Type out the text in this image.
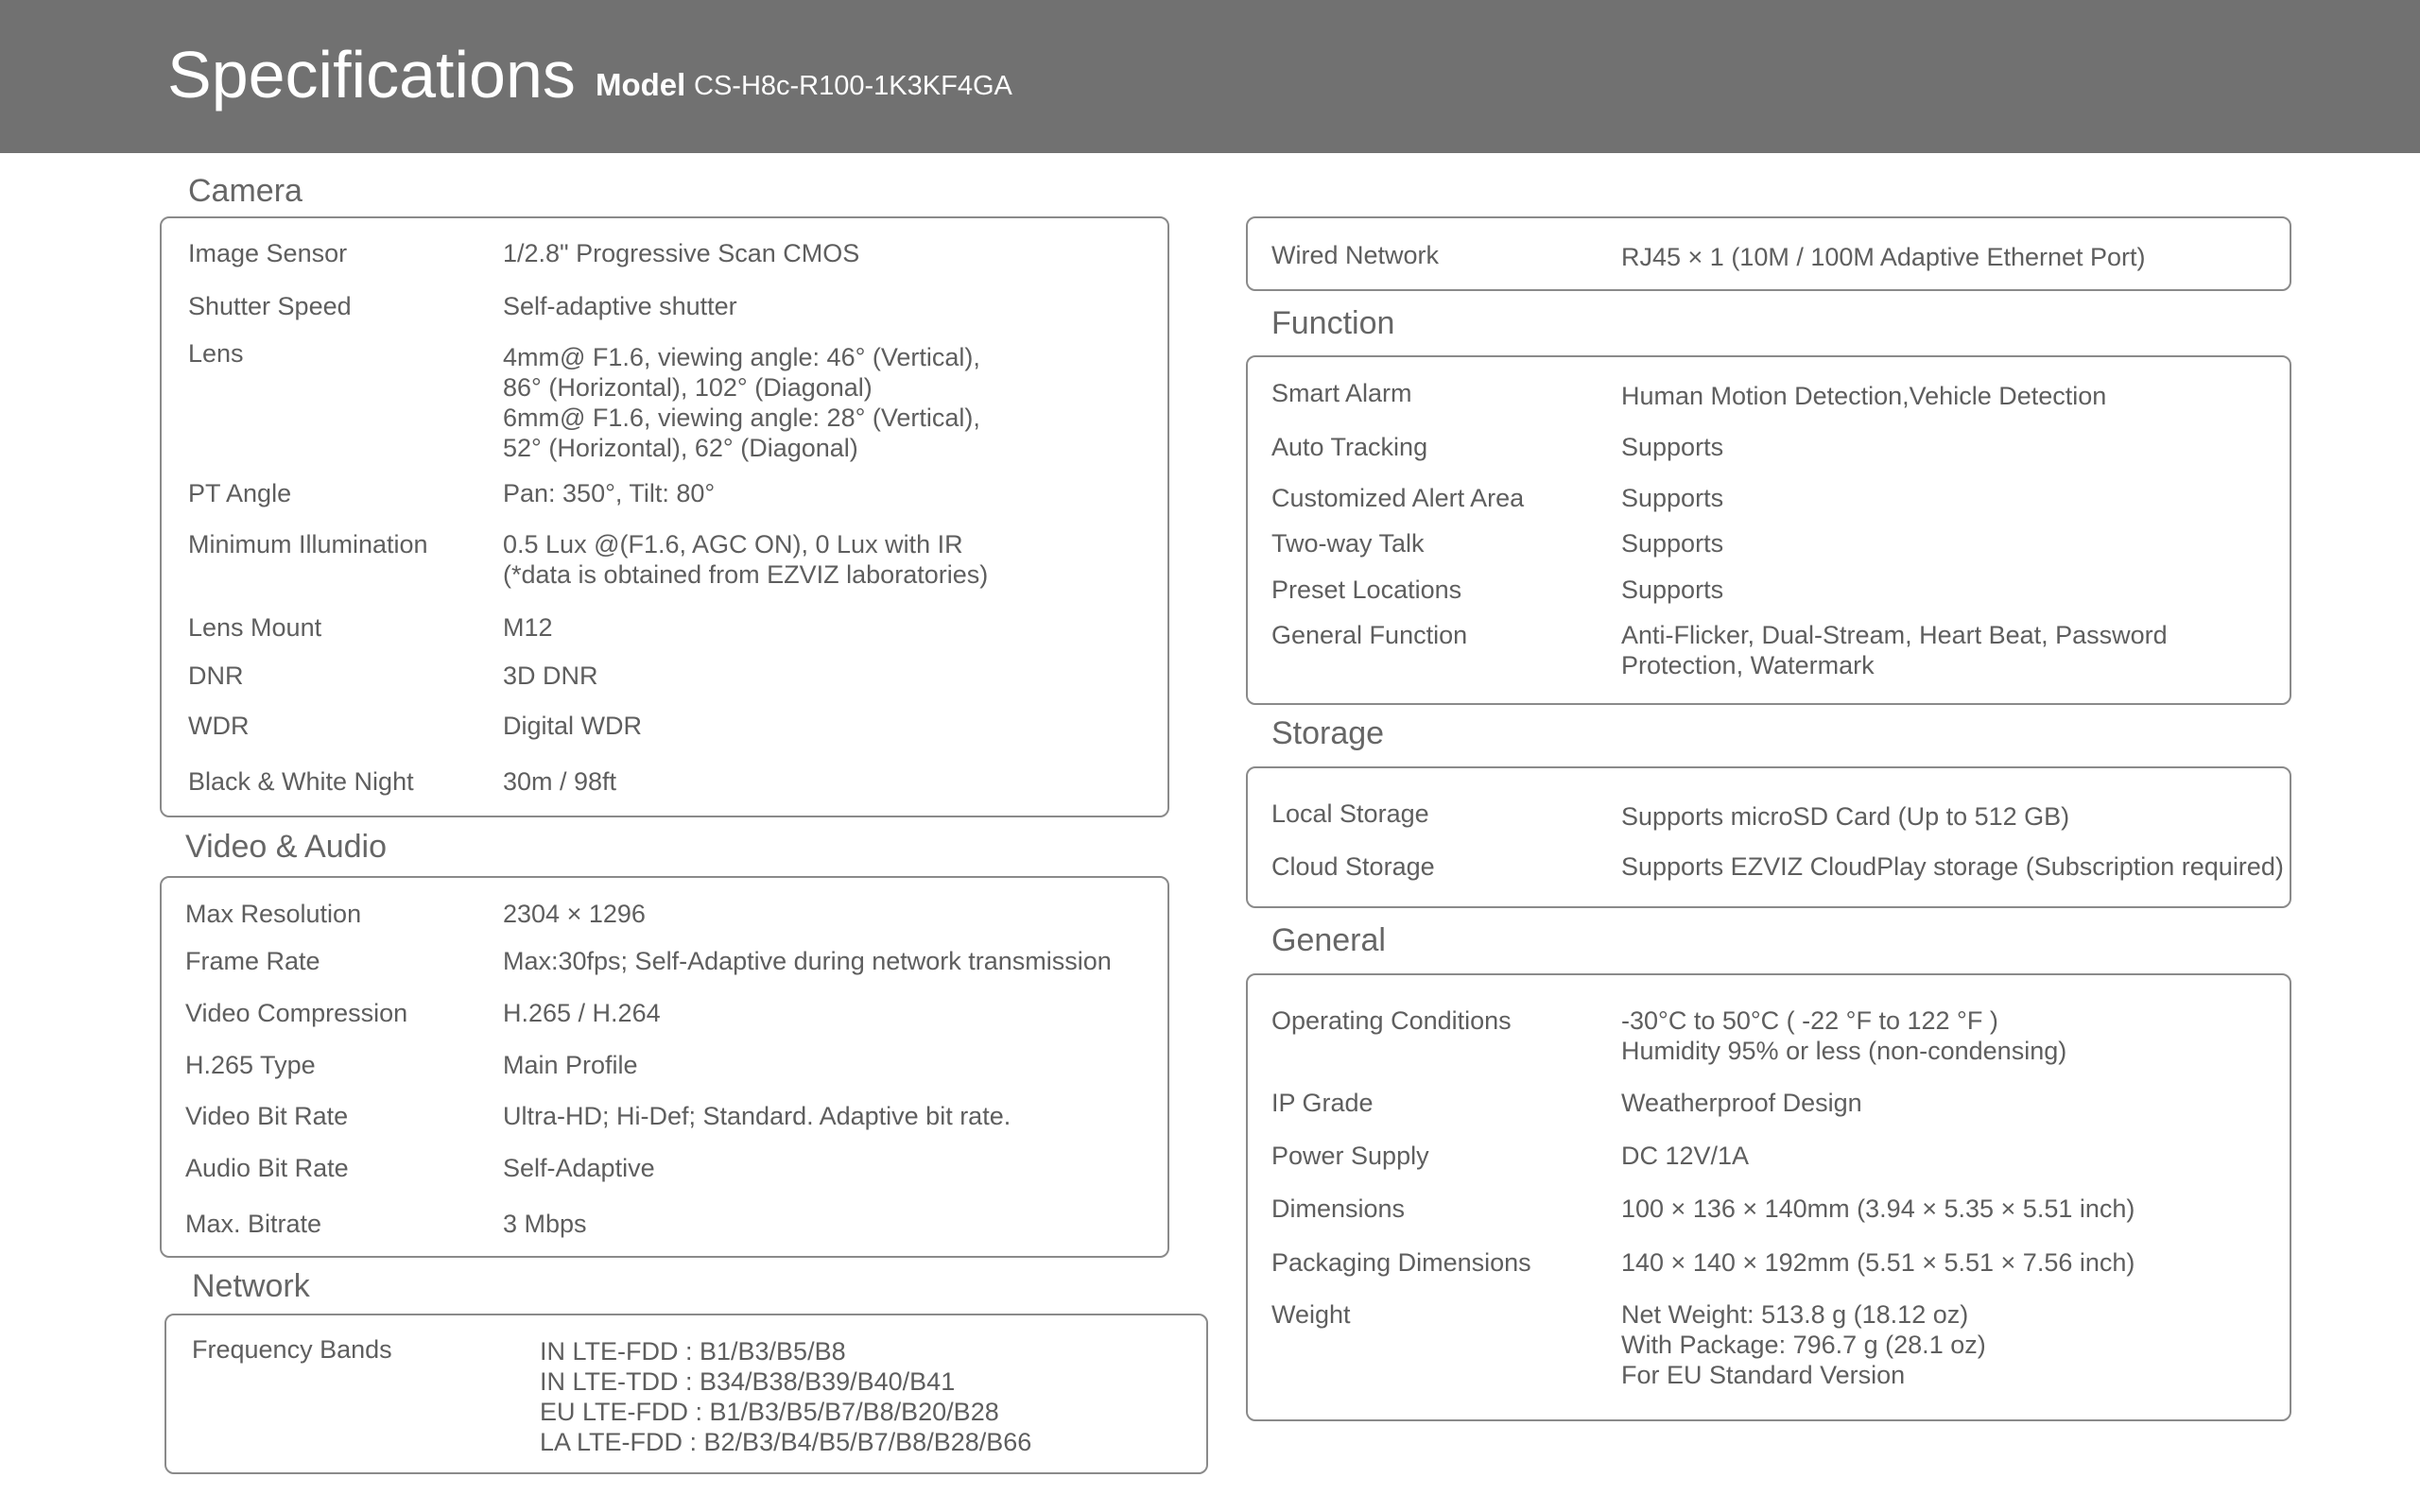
Specifications Model CS-H8c-R100-1K3KF4GA
Camera
Image Sensor	1/2.8" Progressive Scan CMOS
Shutter Speed	Self-adaptive shutter
Lens	4mm@ F1.6, viewing angle: 46° (Vertical),
86° (Horizontal), 102° (Diagonal)
6mm@ F1.6, viewing angle: 28° (Vertical),
52° (Horizontal), 62° (Diagonal)
PT Angle	Pan: 350°, Tilt: 80°
Minimum Illumination	0.5 Lux @(F1.6, AGC ON), 0 Lux with IR
(*data is obtained from EZVIZ laboratories)
Lens Mount	M12
DNR	3D DNR
WDR	Digital WDR
Black & White Night	30m / 98ft
Video & Audio
Max Resolution	2304 × 1296
Frame Rate	Max:30fps; Self-Adaptive during network transmission
Video Compression	H.265 / H.264
H.265 Type	Main Profile
Video Bit Rate	Ultra-HD; Hi-Def; Standard. Adaptive bit rate.
Audio Bit Rate	Self-Adaptive
Max. Bitrate	3 Mbps
Network
Frequency Bands	IN LTE-FDD : B1/B3/B5/B8
IN LTE-TDD : B34/B38/B39/B40/B41
EU LTE-FDD : B1/B3/B5/B7/B8/B20/B28
LA LTE-FDD : B2/B3/B4/B5/B7/B8/B28/B66
Wired Network	RJ45 × 1 (10M / 100M Adaptive Ethernet Port)
Function
Smart Alarm	Human Motion Detection,Vehicle Detection
Auto Tracking	Supports
Customized Alert Area	Supports
Two-way Talk	Supports
Preset Locations	Supports
General Function	Anti-Flicker, Dual-Stream, Heart Beat, Password
Protection, Watermark
Storage
Local Storage	Supports microSD Card (Up to 512 GB)
Cloud Storage	Supports EZVIZ CloudPlay storage (Subscription required)
General
Operating Conditions	-30°C to 50°C ( -22 °F to 122 °F )
Humidity 95% or less (non-condensing)
IP Grade	Weatherproof Design
Power Supply	DC 12V/1A
Dimensions	100 × 136 × 140mm (3.94 × 5.35 × 5.51 inch)
Packaging Dimensions	140 × 140 × 192mm (5.51 × 5.51 × 7.56 inch)
Weight	Net Weight: 513.8 g (18.12 oz)
With Package: 796.7 g (28.1 oz)
For EU Standard Version
